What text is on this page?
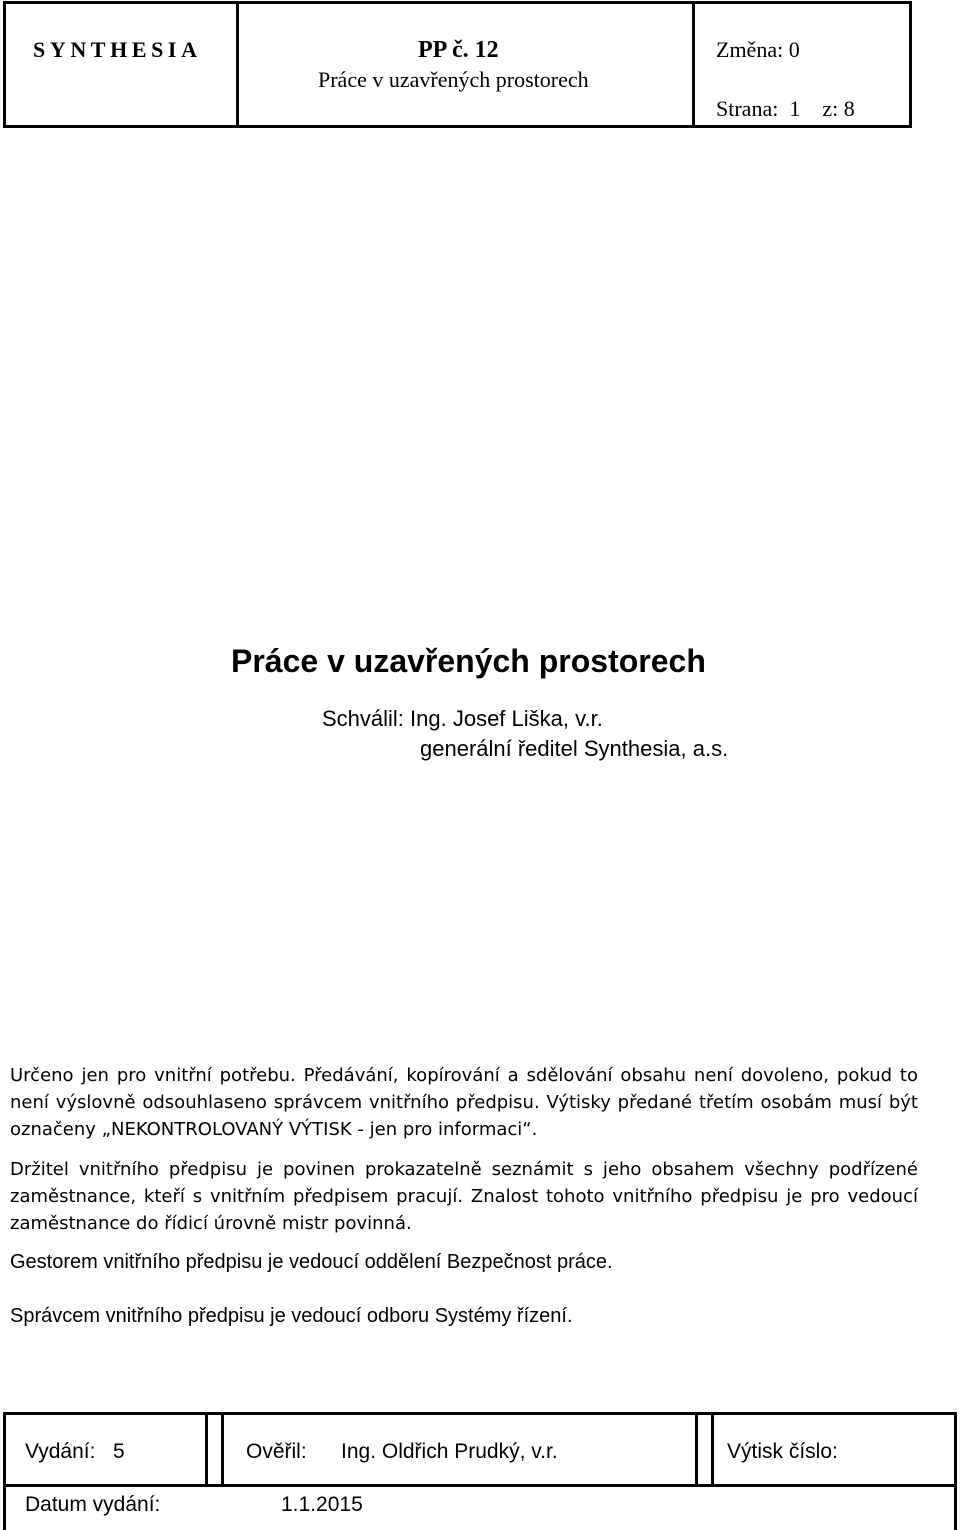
SYNTHESIA	PP č. 12
Práce v uzavřených prostorech
Změna: 0
Strana:  1    z: 8
Práce v uzavřených prostorech
Schválil: Ing. Josef Liška, v.r.
generální ředitel Synthesia, a.s.
Určeno jen pro vnitřní potřebu. Předávání, kopírování a sdělování obsahu není dovoleno, pokud to není výslovně odsouhlaseno správcem vnitřního předpisu. Výtisky předané třetím osobám musí být označeny „NEKONTROLOVANÝ VÝTISK - jen pro informaci“.
Držitel vnitřního předpisu je povinen prokazatelně seznámit s jeho obsahem všechny podřízené zaměstnance, kteří s vnitřním předpisem pracují. Znalost tohoto vnitřního předpisu je pro vedoucí zaměstnance do řídicí úrovně mistr povinná.
Gestorem vnitřního předpisu je vedoucí oddělení Bezpečnost práce.
Správcem vnitřního předpisu je vedoucí odboru Systémy řízení.
Vydání: 5	Ověřil: Ing. Oldřich Prudký, v.r.	Výtisk číslo:
Datum vydání:	1.1.2015
